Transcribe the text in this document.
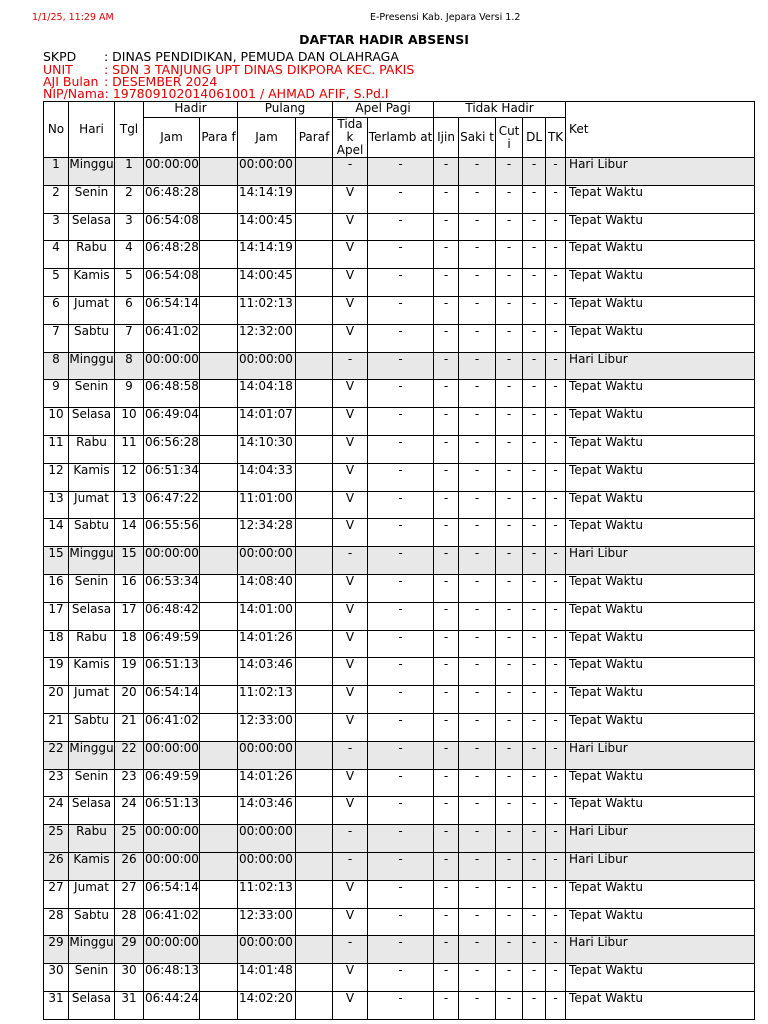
1/1/25, 11:29 AM	E-Presensi Kab. Jepara Versi 1.2
DAFTAR HADIR ABSENSI
SKPD : DINAS PENDIDIKAN, PEMUDA DAN OLAHRAGA
UNIT : SDN 3 TANJUNG UPT DINAS DIKPORA KEC. PAKIS
AJI Bulan : DESEMBER 2024
NIP/Nama: 197809102014061001 / AHMAD AFIF, S.Pd.I
No	Hari	Tgl	Hadir		Pulang		Apel Pagi		Tidak Hadir					Ket
			Jam	Para f	Jam	Paraf	Tida k Apel	Terlamb at	Ijin	Saki t	Cut i	DL	TK	
1	Minggu	1	00:00:00		00:00:00		-	-	-	-	-	-	-	Hari Libur
2	Senin	2	06:48:28		14:14:19		V	-	-	-	-	-	-	Tepat Waktu
3	Selasa	3	06:54:08		14:00:45		V	-	-	-	-	-	-	Tepat Waktu
4	Rabu	4	06:48:28		14:14:19		V	-	-	-	-	-	-	Tepat Waktu
5	Kamis	5	06:54:08		14:00:45		V	-	-	-	-	-	-	Tepat Waktu
6	Jumat	6	06:54:14		11:02:13		V	-	-	-	-	-	-	Tepat Waktu
7	Sabtu	7	06:41:02		12:32:00		V	-	-	-	-	-	-	Tepat Waktu
8	Minggu	8	00:00:00		00:00:00		-	-	-	-	-	-	-	Hari Libur
9	Senin	9	06:48:58		14:04:18		V	-	-	-	-	-	-	Tepat Waktu
10	Selasa	10	06:49:04		14:01:07		V	-	-	-	-	-	-	Tepat Waktu
11	Rabu	11	06:56:28		14:10:30		V	-	-	-	-	-	-	Tepat Waktu
12	Kamis	12	06:51:34		14:04:33		V	-	-	-	-	-	-	Tepat Waktu
13	Jumat	13	06:47:22		11:01:00		V	-	-	-	-	-	-	Tepat Waktu
14	Sabtu	14	06:55:56		12:34:28		V	-	-	-	-	-	-	Tepat Waktu
15	Minggu	15	00:00:00		00:00:00		-	-	-	-	-	-	-	Hari Libur
16	Senin	16	06:53:34		14:08:40		V	-	-	-	-	-	-	Tepat Waktu
17	Selasa	17	06:48:42		14:01:00		V	-	-	-	-	-	-	Tepat Waktu
18	Rabu	18	06:49:59		14:01:26		V	-	-	-	-	-	-	Tepat Waktu
19	Kamis	19	06:51:13		14:03:46		V	-	-	-	-	-	-	Tepat Waktu
20	Jumat	20	06:54:14		11:02:13		V	-	-	-	-	-	-	Tepat Waktu
21	Sabtu	21	06:41:02		12:33:00		V	-	-	-	-	-	-	Tepat Waktu
22	Minggu	22	00:00:00		00:00:00		-	-	-	-	-	-	-	Hari Libur
23	Senin	23	06:49:59		14:01:26		V	-	-	-	-	-	-	Tepat Waktu
24	Selasa	24	06:51:13		14:03:46		V	-	-	-	-	-	-	Tepat Waktu
25	Rabu	25	00:00:00		00:00:00		-	-	-	-	-	-	-	Hari Libur
26	Kamis	26	00:00:00		00:00:00		-	-	-	-	-	-	-	Hari Libur
27	Jumat	27	06:54:14		11:02:13		V	-	-	-	-	-	-	Tepat Waktu
28	Sabtu	28	06:41:02		12:33:00		V	-	-	-	-	-	-	Tepat Waktu
29	Minggu	29	00:00:00		00:00:00		-	-	-	-	-	-	-	Hari Libur
30	Senin	30	06:48:13		14:01:48		V	-	-	-	-	-	-	Tepat Waktu
31	Selasa	31	06:44:24		14:02:20		V	-	-	-	-	-	-	Tepat Waktu
